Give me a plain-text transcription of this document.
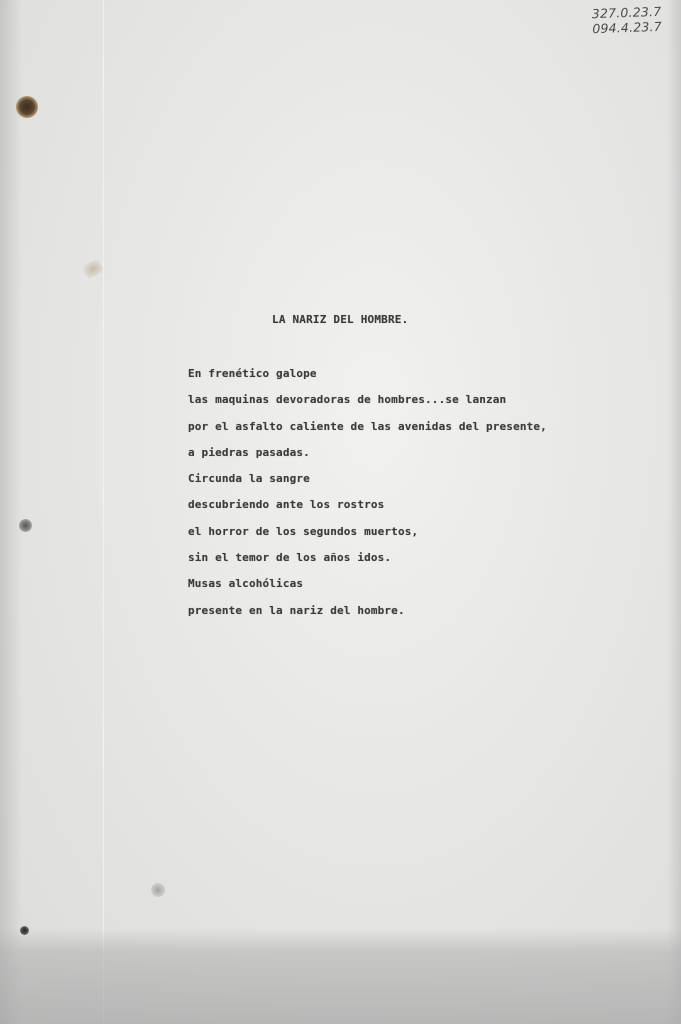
327.0.23.7
094.4.23.7
LA NARIZ DEL HOMBRE.
En frenético galope
las maquinas devoradoras de hombres...se lanzan
por el asfalto caliente de las avenidas del presente,
a piedras pasadas.
Circunda la sangre
descubriendo ante los rostros
el horror de los segundos muertos,
sin el temor de los años idos.
Musas alcohólicas
presente en la nariz del hombre.
